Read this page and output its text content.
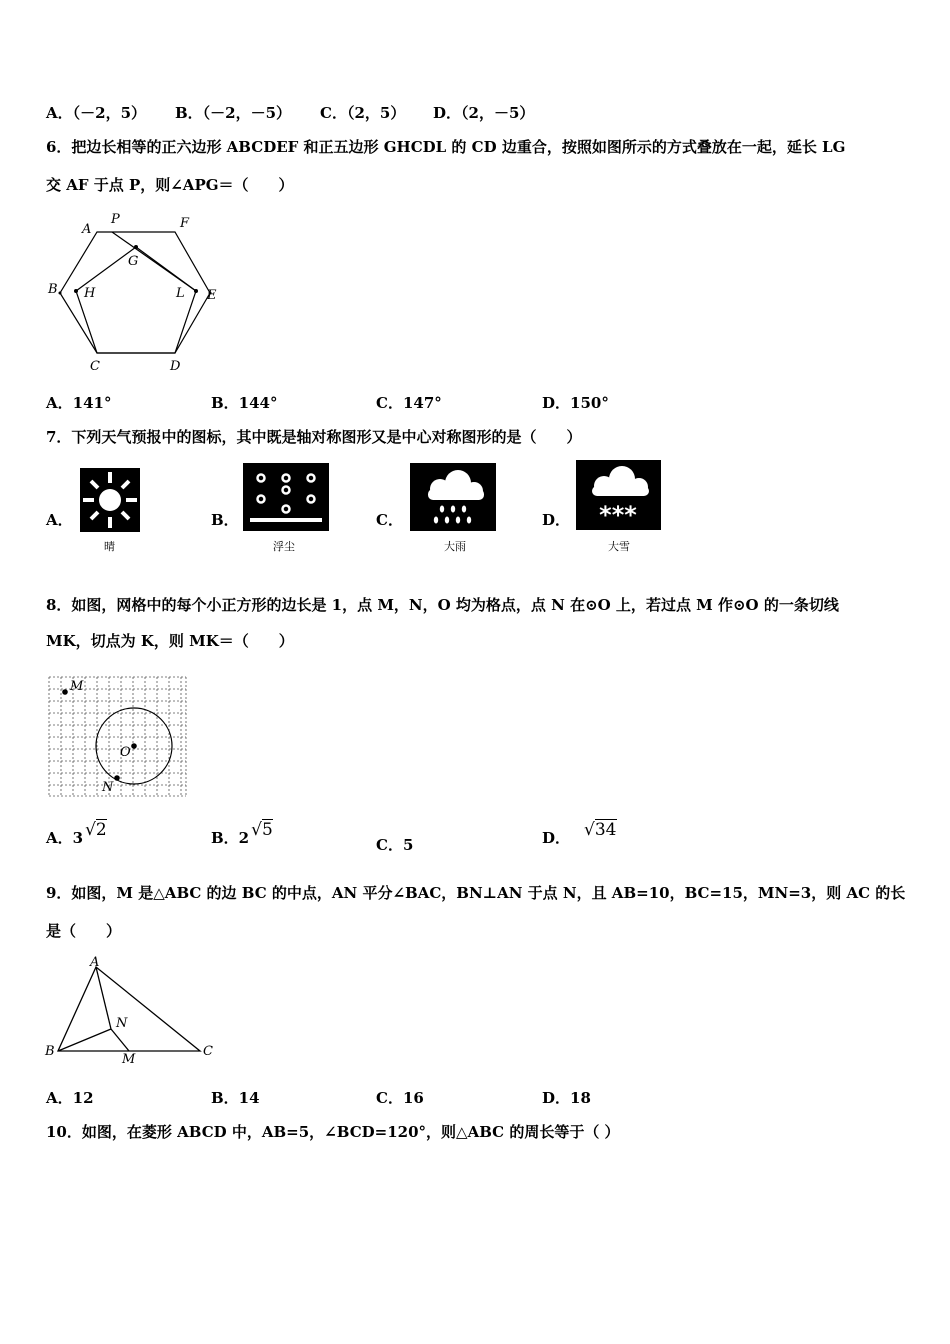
A．（－2，5） B．（－2，－5） C．（2，5） D．（2，－5）
6．把边长相等的正六边形 ABCDEF 和正五边形 GHCDL 的 CD 边重合，按照如图所示的方式叠放在一起，延长 LG
交 AF 于点 P，则∠APG＝（　　）
A
P	F
G
B H	L E
C	D
A．141°	B．144°	C．147°	D．150°
7．下列天气预报中的图标，其中既是轴对称图形又是中心对称图形的是（　　）
A．	B．	C．	D．
晴	浮尘	大雨
***
大雪
8．如图，网格中的每个小正方形的边长是 1，点 M，N，O 均为格点，点 N 在⊙O 上，若过点 M 作⊙O 的一条切线
MK，切点为 K，则 MK＝（　　）
M
O
N
A．3 √2	B．2 √5
C．5	D． √34
9．如图，M 是△ABC 的边 BC 的中点，AN 平分∠BAC，BN⊥AN 于点 N，且 AB=10，BC=15，MN=3，则 AC 的长
是（　　）
A
N
B
M
C
A．12	B．14	C．16	D．18
10．如图，在菱形 ABCD 中，AB=5，∠BCD=120°，则△ABC 的周长等于（ ）
